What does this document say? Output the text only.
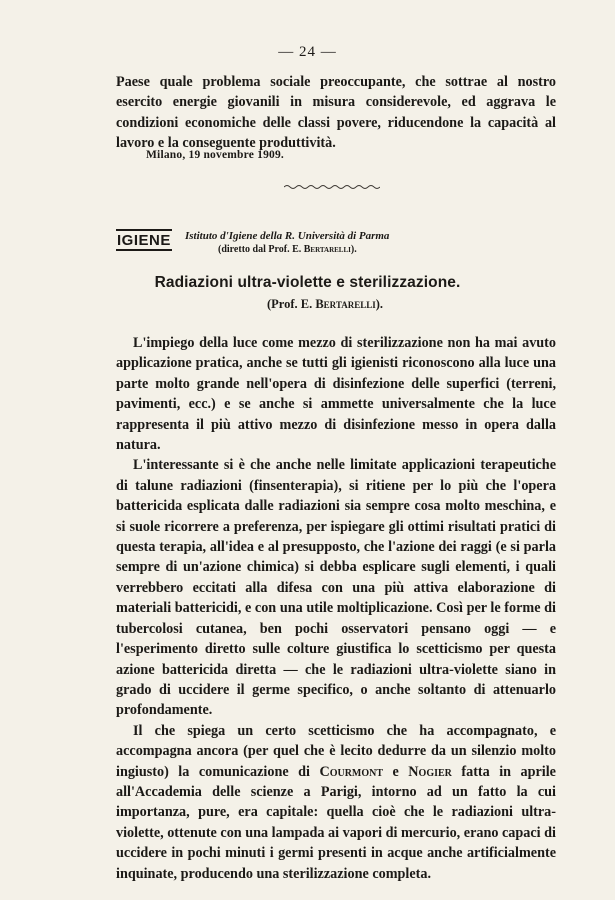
— 24 —

Paese quale problema sociale preoccupante, che sottrae al nostro esercito energie giovanili in misura considerevole, ed aggrava le condizioni economiche delle classi povere, riducendone la capacità al lavoro e la conseguente produttività.

Milano, 19 novembre 1909.
IGIENE Istituto d'Igiene della R. Università di Parma
(diretto dal Prof. E. Bertarelli).
Radiazioni ultra-violette e sterilizzazione.
(Prof. E. Bertarelli).

L'impiego della luce come mezzo di sterilizzazione non ha mai avuto applicazione pratica, anche se tutti gli igienisti riconoscono alla luce una parte molto grande nell'opera di disinfezione delle superfici (terreni, pavimenti, ecc.) e se anche si ammette universalmente che la luce rappresenta il più attivo mezzo di disinfezione messo in opera dalla natura.

L'interessante si è che anche nelle limitate applicazioni terapeutiche di talune radiazioni (finsenterapia), si ritiene per lo più che l'opera battericida esplicata dalle radiazioni sia sempre cosa molto meschina, e si suole ricorrere a preferenza, per ispiegare gli ottimi risultati pratici di questa terapia, all'idea e al presupposto, che l'azione dei raggi (e si parla sempre di un'azione chimica) si debba esplicare sugli elementi, i quali verrebbero eccitati alla difesa con una più attiva elaborazione di materiali battericidi, e con una utile moltiplicazione. Così per le forme di tubercolosi cutanea, ben pochi osservatori pensano oggi — e l'esperimento diretto sulle colture giustifica lo scetticismo per questa azione battericida diretta — che le radiazioni ultra-violette siano in grado di uccidere il germe specifico, o anche soltanto di attenuarlo profondamente.

Il che spiega un certo scetticismo che ha accompagnato, e accompagna ancora (per quel che è lecito dedurre da un silenzio molto ingiusto) la comunicazione di Courmont e Nogier fatta in aprile all'Accademia delle scienze a Parigi, intorno ad un fatto la cui importanza, pure, era capitale: quella cioè che le radiazioni ultra-violette, ottenute con una lampada ai vapori di mercurio, erano capaci di uccidere in pochi minuti i germi presenti in acque anche artificialmente inquinate, producendo una sterilizzazione completa.
